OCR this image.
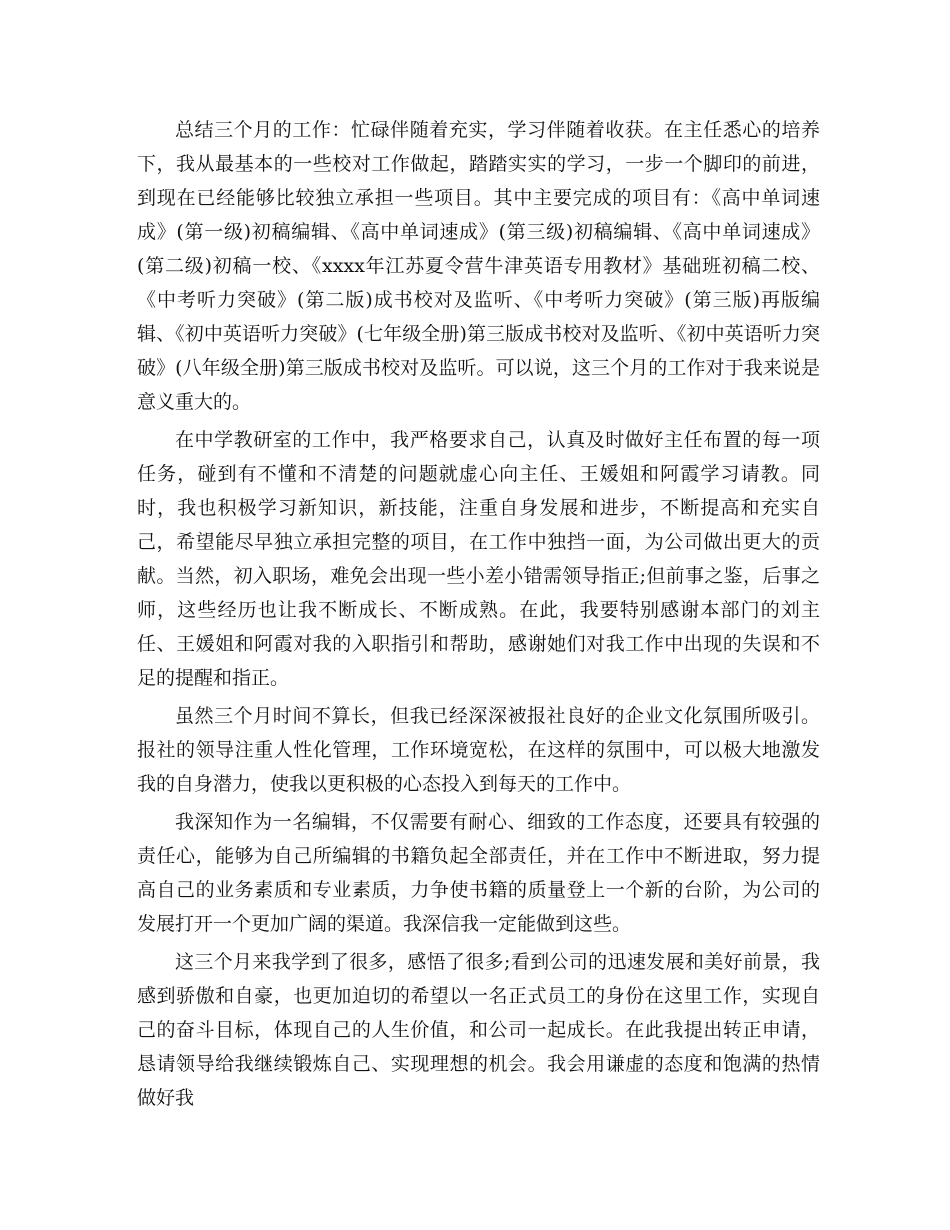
总结三个月的工作：忙碌伴随着充实，学习伴随着收获。在主任悉心的培养下，我从最基本的一些校对工作做起，踏踏实实的学习，一步一个脚印的前进，到现在已经能够比较独立承担一些项目。其中主要完成的项目有：《高中单词速成》(第一级)初稿编辑、《高中单词速成》(第三级)初稿编辑、《高中单词速成》(第二级)初稿一校、《xxxx年江苏夏令营牛津英语专用教材》基础班初稿二校、《中考听力突破》(第二版)成书校对及监听、《中考听力突破》(第三版)再版编辑、《初中英语听力突破》(七年级全册)第三版成书校对及监听、《初中英语听力突破》(八年级全册)第三版成书校对及监听。可以说，这三个月的工作对于我来说是意义重大的。

在中学教研室的工作中，我严格要求自己，认真及时做好主任布置的每一项任务，碰到有不懂和不清楚的问题就虚心向主任、王媛姐和阿霞学习请教。同时，我也积极学习新知识，新技能，注重自身发展和进步，不断提高和充实自己，希望能尽早独立承担完整的项目，在工作中独挡一面，为公司做出更大的贡献。当然，初入职场，难免会出现一些小差小错需领导指正;但前事之鉴，后事之师，这些经历也让我不断成长、不断成熟。在此，我要特别感谢本部门的刘主任、王媛姐和阿霞对我的入职指引和帮助，感谢她们对我工作中出现的失误和不足的提醒和指正。

虽然三个月时间不算长，但我已经深深被报社良好的企业文化氛围所吸引。报社的领导注重人性化管理，工作环境宽松，在这样的氛围中，可以极大地激发我的自身潜力，使我以更积极的心态投入到每天的工作中。

我深知作为一名编辑，不仅需要有耐心、细致的工作态度，还要具有较强的责任心，能够为自己所编辑的书籍负起全部责任，并在工作中不断进取，努力提高自己的业务素质和专业素质，力争使书籍的质量登上一个新的台阶，为公司的发展打开一个更加广阔的渠道。我深信我一定能做到这些。

这三个月来我学到了很多，感悟了很多;看到公司的迅速发展和美好前景，我感到骄傲和自豪，也更加迫切的希望以一名正式员工的身份在这里工作，实现自己的奋斗目标，体现自己的人生价值，和公司一起成长。在此我提出转正申请，恳请领导给我继续锻炼自己、实现理想的机会。我会用谦虚的态度和饱满的热情做好我
